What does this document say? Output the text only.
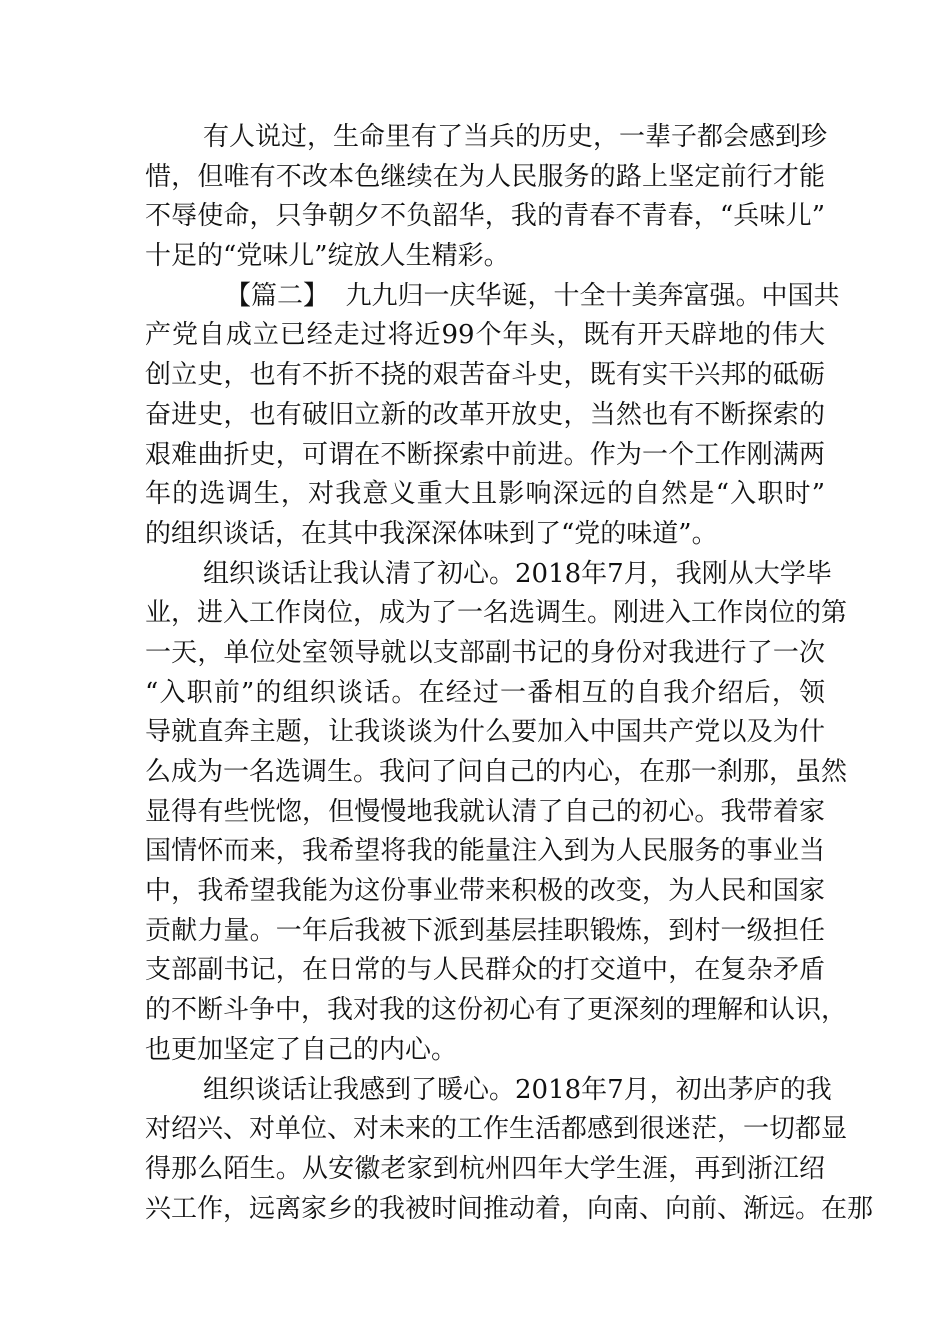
有人说过，生命里有了当兵的历史，一辈子都会感到珍
惜，但唯有不改本色继续在为人民服务的路上坚定前行才能
不辱使命，只争朝夕不负韶华，我的青春不青春，“兵味儿”
十足的“党味儿”绽放人生精彩。
【篇二】  九九归一庆华诞，十全十美奔富强。中国共
产党自成立已经走过将近99个年头，既有开天辟地的伟大
创立史，也有不折不挠的艰苦奋斗史，既有实干兴邦的砥砺
奋进史，也有破旧立新的改革开放史，当然也有不断探索的
艰难曲折史，可谓在不断探索中前进。作为一个工作刚满两
年的选调生，对我意义重大且影响深远的自然是“入职时”
的组织谈话，在其中我深深体味到了“党的味道”。
组织谈话让我认清了初心。2018年7月，我刚从大学毕
业，进入工作岗位，成为了一名选调生。刚进入工作岗位的第
一天，单位处室领导就以支部副书记的身份对我进行了一次
“入职前”的组织谈话。在经过一番相互的自我介绍后，领
导就直奔主题，让我谈谈为什么要加入中国共产党以及为什
么成为一名选调生。我问了问自己的内心，在那一刹那，虽然
显得有些恍惚，但慢慢地我就认清了自己的初心。我带着家
国情怀而来，我希望将我的能量注入到为人民服务的事业当
中，我希望我能为这份事业带来积极的改变，为人民和国家
贡献力量。一年后我被下派到基层挂职锻炼，到村一级担任
支部副书记，在日常的与人民群众的打交道中，在复杂矛盾
的不断斗争中，我对我的这份初心有了更深刻的理解和认识，
也更加坚定了自己的内心。
组织谈话让我感到了暖心。2018年7月，初出茅庐的我
对绍兴、对单位、对未来的工作生活都感到很迷茫，一切都显
得那么陌生。从安徽老家到杭州四年大学生涯，再到浙江绍
兴工作，远离家乡的我被时间推动着，向南、向前、渐远。在那
